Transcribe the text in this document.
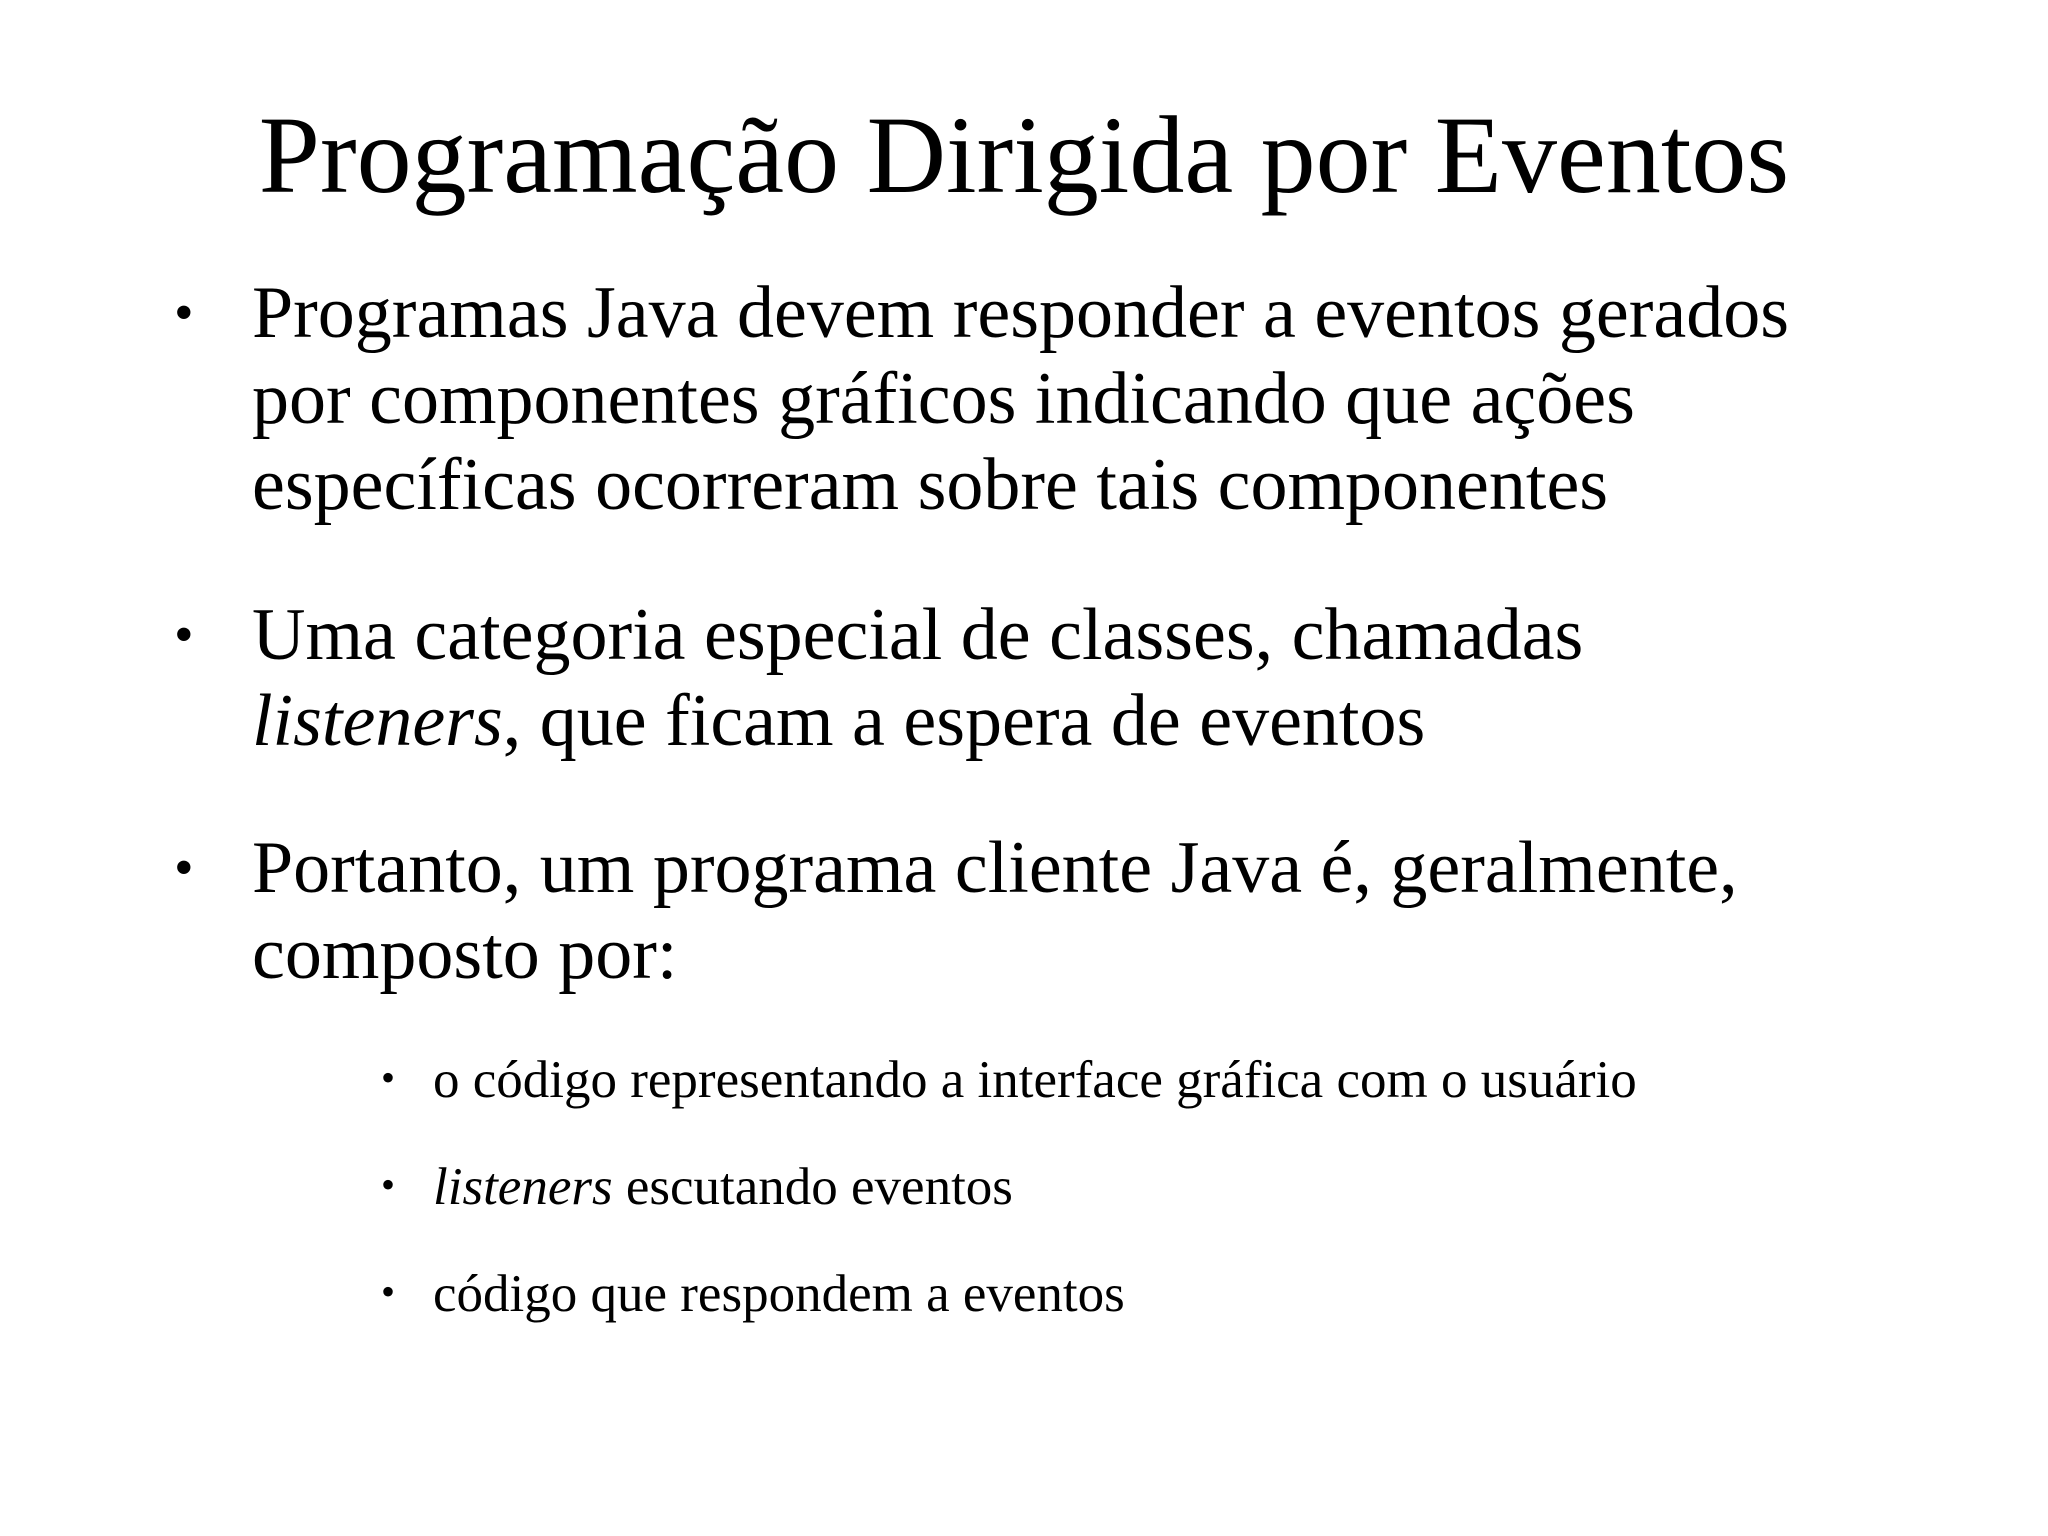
Programação Dirigida por Eventos
• Programas Java devem responder a eventos gerados
por componentes gráficos indicando que ações
específicas ocorreram sobre tais componentes
• Uma categoria especial de classes, chamadas
listeners, que ficam a espera de eventos
• Portanto, um programa cliente Java é, geralmente,
composto por:
• o código representando a interface gráfica com o usuário
• listeners escutando eventos
• código que respondem a eventos
